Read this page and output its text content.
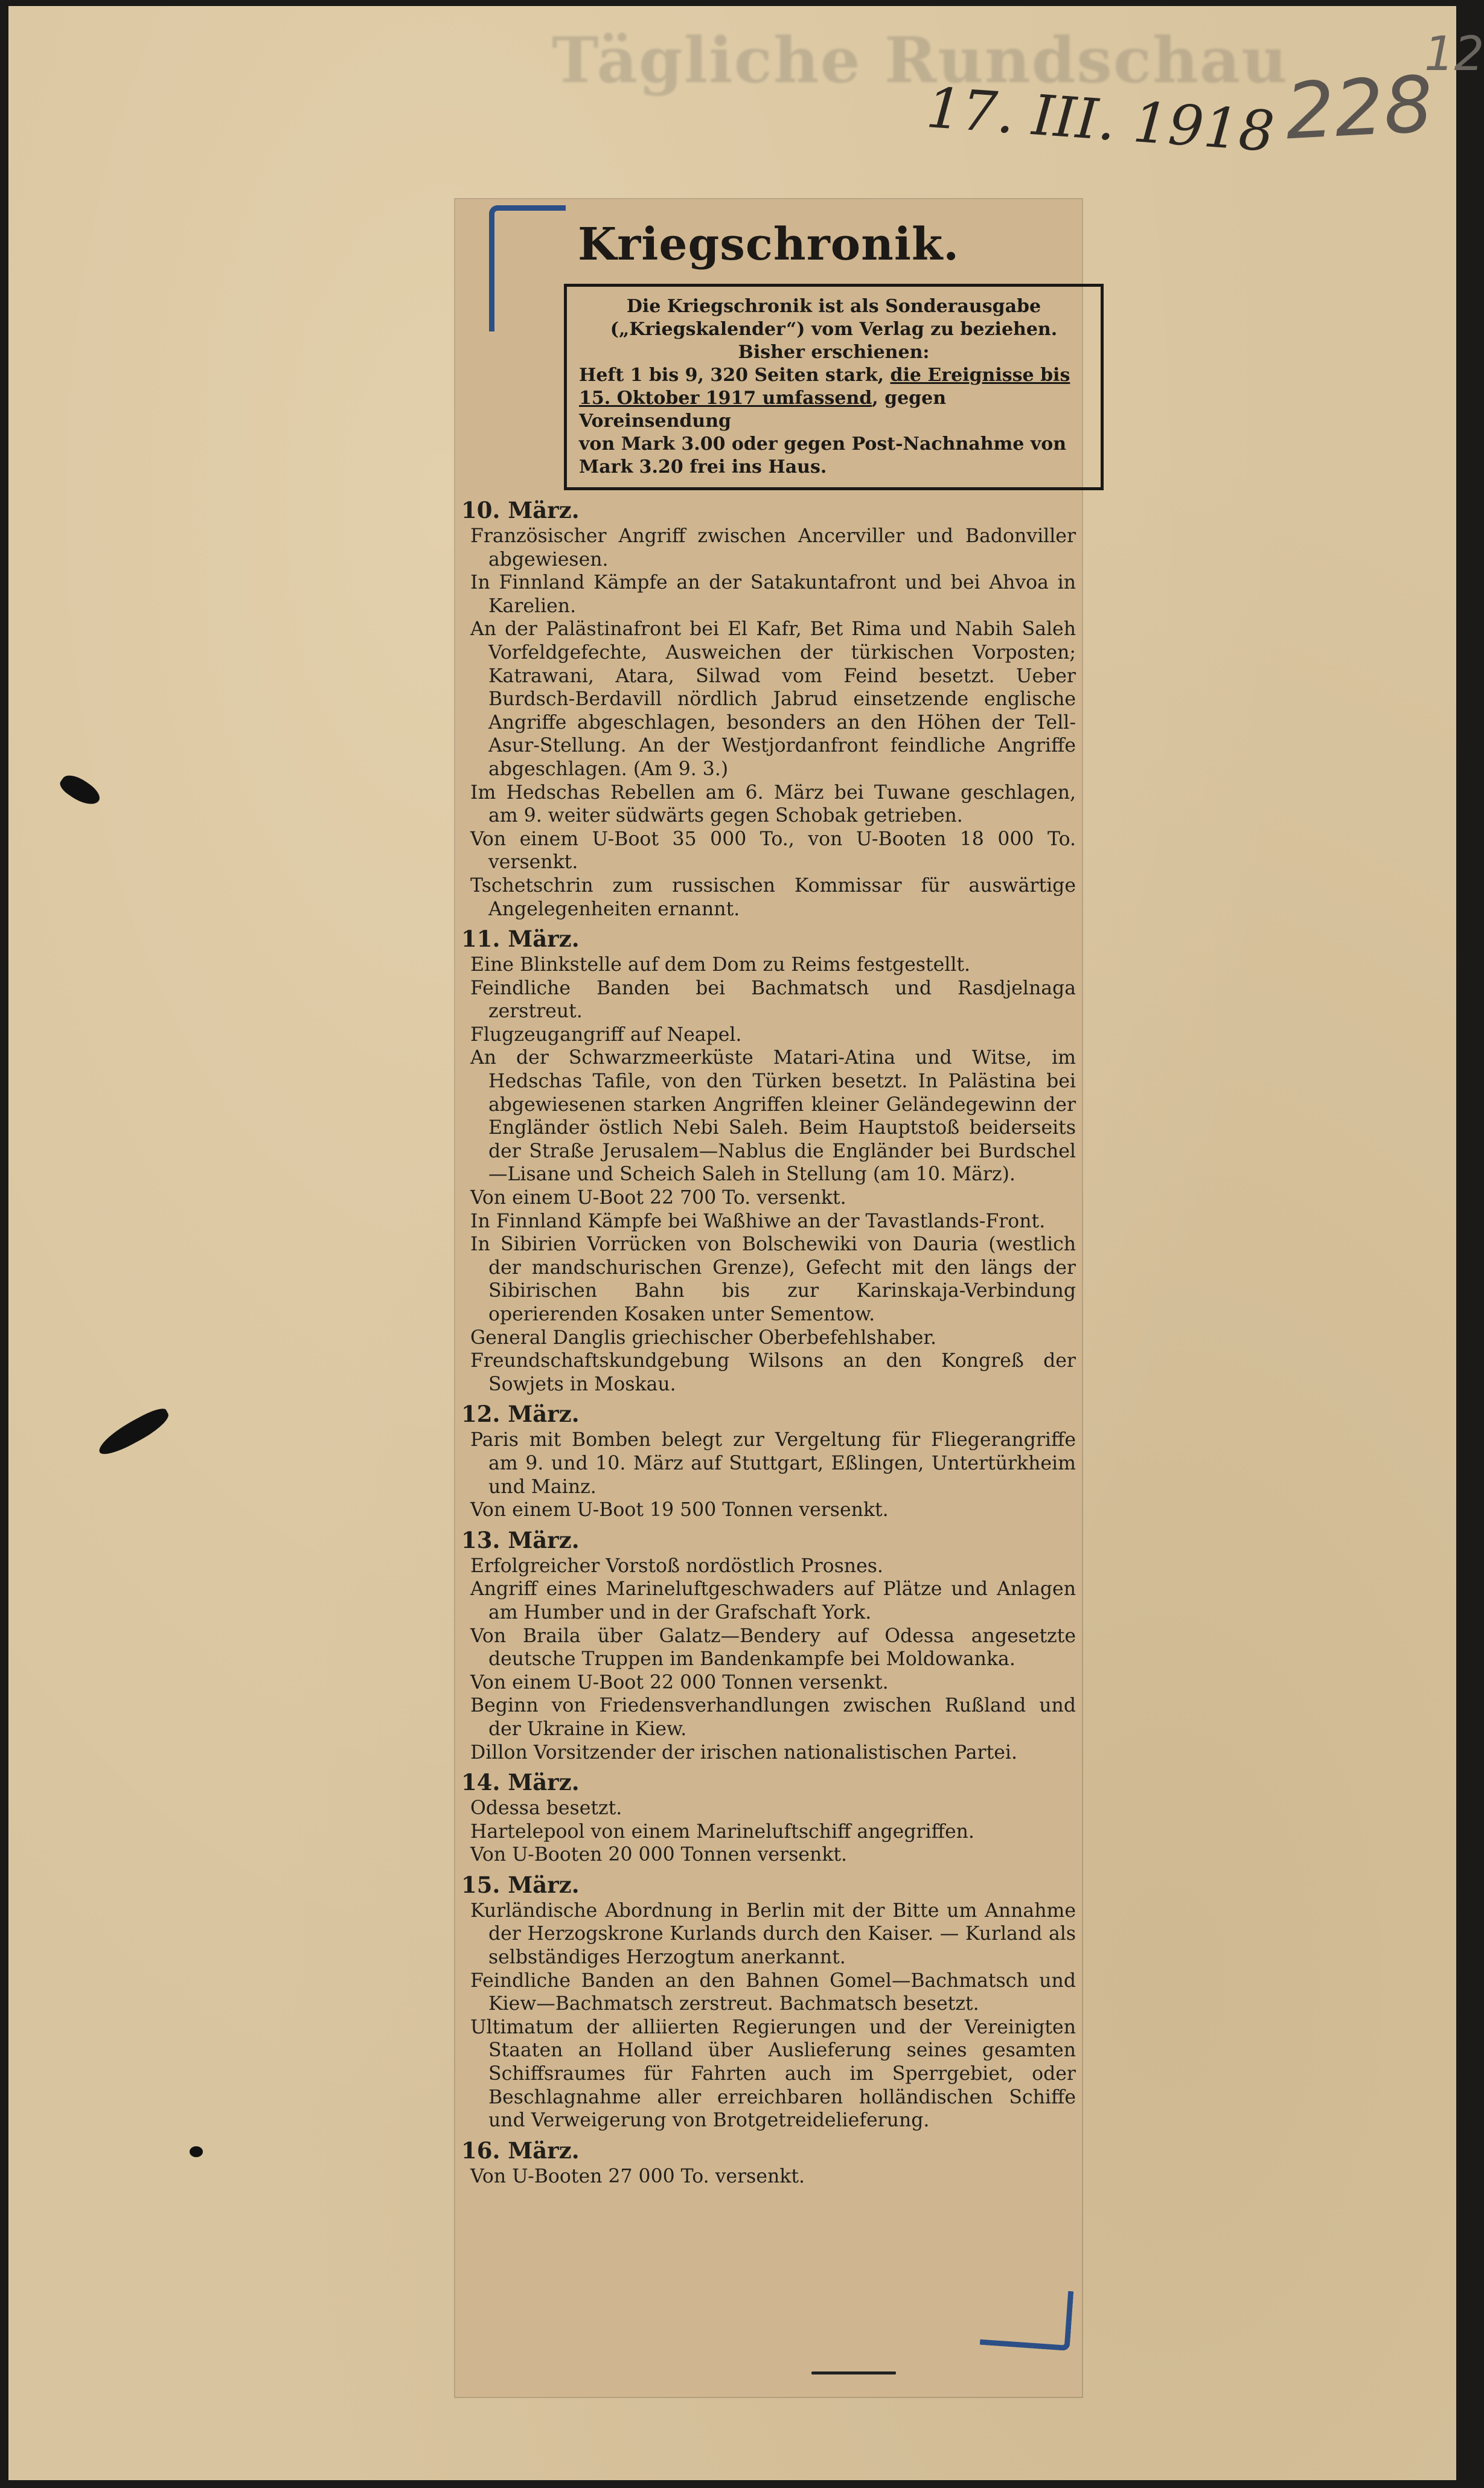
Tägliche Rundschau
17. III. 1918 228
12
Kriegschronik.
Die Kriegschronik ist als Sonderausgabe
(„Kriegskalender“) vom Verlag zu beziehen.
Bisher erschienen:
Heft 1 bis 9, 320 Seiten stark, die Ereignisse bis
15. Oktober 1917 umfassend, gegen Voreinsendung
von Mark 3.00 oder gegen Post-Nachnahme von
Mark 3.20 frei ins Haus.
10. März.
Französischer Angriff zwischen Ancerviller und Badonviller abgewiesen.
In Finnland Kämpfe an der Satakuntafront und bei Ahvoa in Karelien.
An der Palästinafront bei El Kafr, Bet Rima und Nabih Saleh Vorfeldgefechte, Ausweichen der türkischen Vorposten; Katrawani, Atara, Silwad vom Feind besetzt. Ueber Burdsch-Berdavill nördlich Jabrud einsetzende englische Angriffe abgeschlagen, besonders an den Höhen der Tell-Asur-Stellung. An der Westjordanfront feindliche Angriffe abgeschlagen. (Am 9. 3.)
Im Hedschas Rebellen am 6. März bei Tuwane geschlagen, am 9. weiter südwärts gegen Schobak getrieben.
Von einem U-Boot 35 000 To., von U-Booten 18 000 To. versenkt.
Tschetschrin zum russischen Kommissar für auswärtige Angelegenheiten ernannt.
11. März.
Eine Blinkstelle auf dem Dom zu Reims festgestellt.
Feindliche Banden bei Bachmatsch und Rasdjelnaga zerstreut.
Flugzeugangriff auf Neapel.
An der Schwarzmeerküste Matari-Atina und Witse, im Hedschas Tafile, von den Türken besetzt. In Palästina bei abgewiesenen starken Angriffen kleiner Geländegewinn der Engländer östlich Nebi Saleh. Beim Hauptstoß beiderseits der Straße Jerusalem—Nablus die Engländer bei Burdschel—Lisane und Scheich Saleh in Stellung (am 10. März).
Von einem U-Boot 22 700 To. versenkt.
In Finnland Kämpfe bei Waßhiwe an der Tavastlands-Front.
In Sibirien Vorrücken von Bolschewiki von Dauria (westlich der mandschurischen Grenze), Gefecht mit den längs der Sibirischen Bahn bis zur Karinskaja-Verbindung operierenden Kosaken unter Sementow.
General Danglis griechischer Oberbefehlshaber.
Freundschaftskundgebung Wilsons an den Kongreß der Sowjets in Moskau.
12. März.
Paris mit Bomben belegt zur Vergeltung für Fliegerangriffe am 9. und 10. März auf Stuttgart, Eßlingen, Untertürkheim und Mainz.
Von einem U-Boot 19 500 Tonnen versenkt.
13. März.
Erfolgreicher Vorstoß nordöstlich Prosnes.
Angriff eines Marineluftgeschwaders auf Plätze und Anlagen am Humber und in der Grafschaft York.
Von Braila über Galatz—Bendery auf Odessa angesetzte deutsche Truppen im Bandenkampfe bei Moldowanka.
Von einem U-Boot 22 000 Tonnen versenkt.
Beginn von Friedensverhandlungen zwischen Rußland und der Ukraine in Kiew.
Dillon Vorsitzender der irischen nationalistischen Partei.
14. März.
Odessa besetzt.
Hartelepool von einem Marineluftschiff angegriffen.
Von U-Booten 20 000 Tonnen versenkt.
15. März.
Kurländische Abordnung in Berlin mit der Bitte um Annahme der Herzogskrone Kurlands durch den Kaiser. — Kurland als selbständiges Herzogtum anerkannt.
Feindliche Banden an den Bahnen Gomel—Bachmatsch und Kiew—Bachmatsch zerstreut. Bachmatsch besetzt.
Ultimatum der alliierten Regierungen und der Vereinigten Staaten an Holland über Auslieferung seines gesamten Schiffsraumes für Fahrten auch im Sperrgebiet, oder Beschlagnahme aller erreichbaren holländischen Schiffe und Verweigerung von Brotgetreidelieferung.
16. März.
Von U-Booten 27 000 To. versenkt.
